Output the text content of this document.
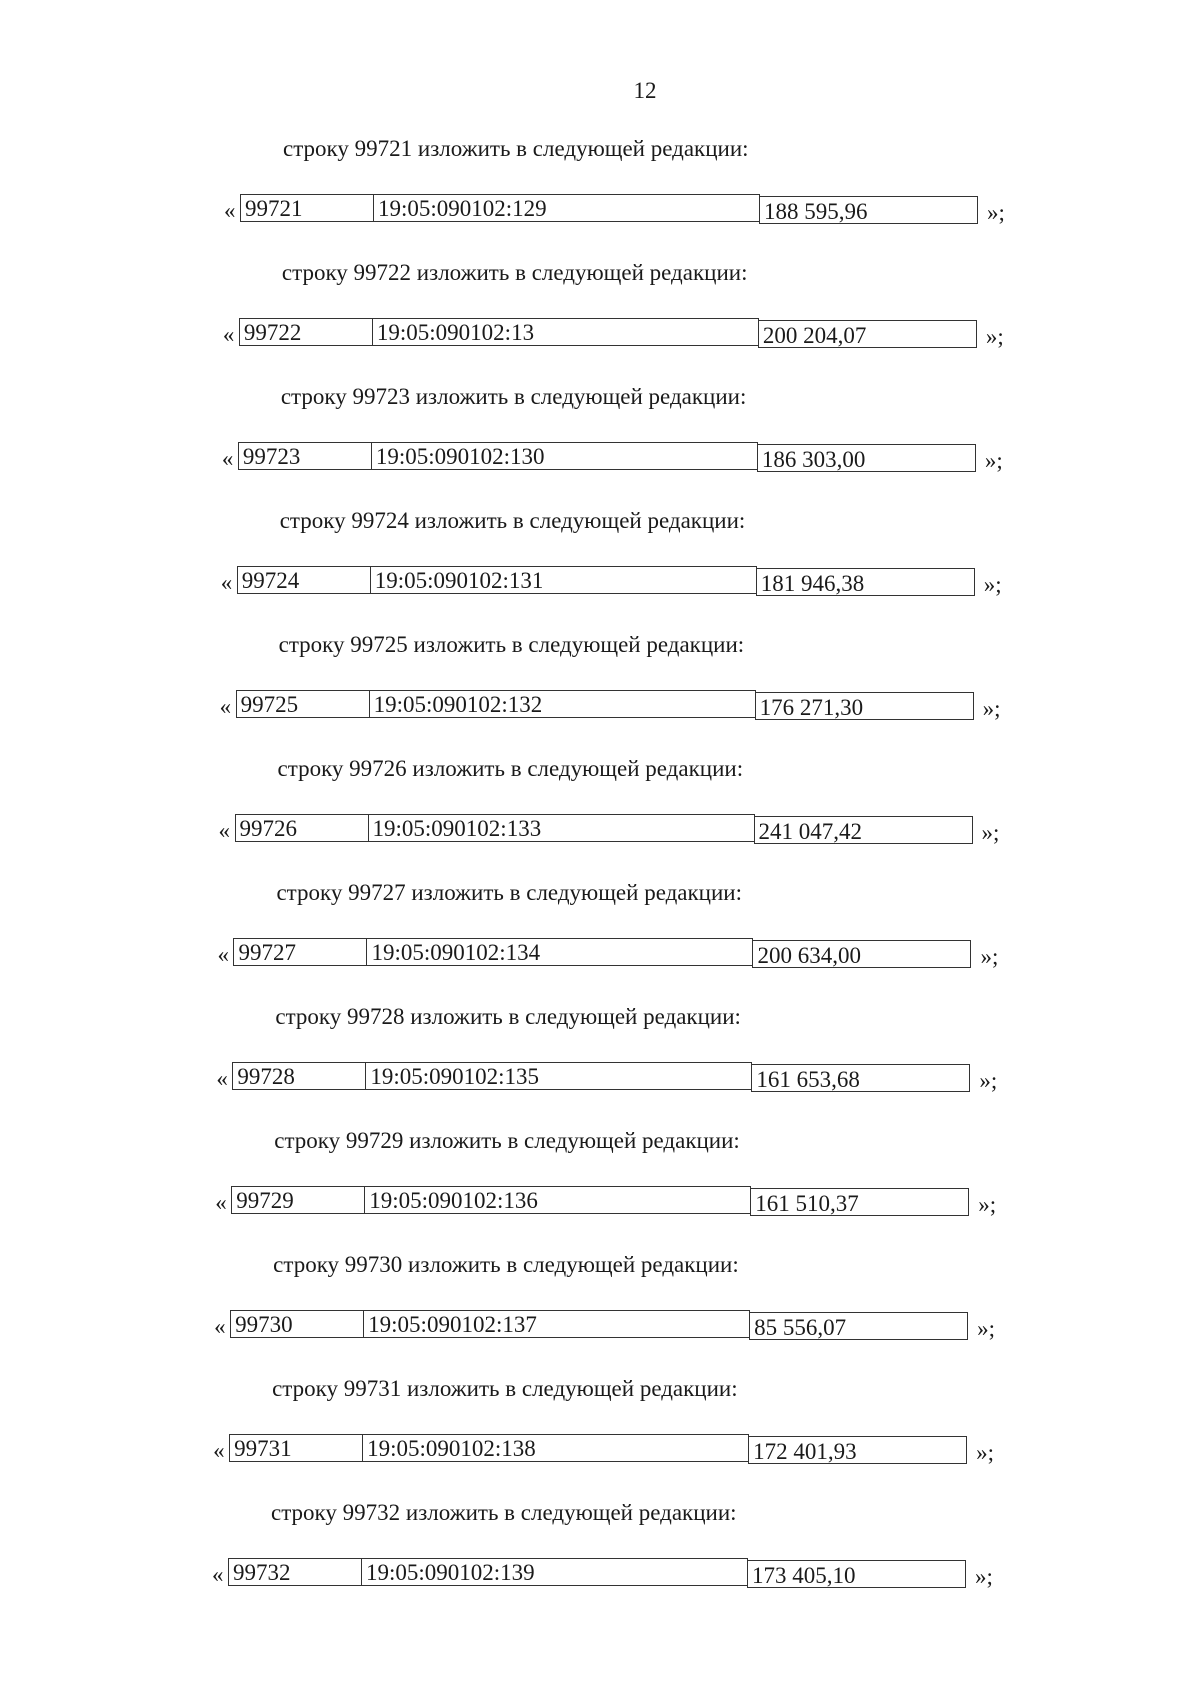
12
строку 99721 изложить в следующей редакции:
« 99721	19:05:090102:129	188 595,96	»;
строку 99722 изложить в следующей редакции:
« 99722	19:05:090102:13	200 204,07	»;
строку 99723 изложить в следующей редакции:
« 99723	19:05:090102:130	186 303,00	»;
строку 99724 изложить в следующей редакции:
« 99724	19:05:090102:131	181 946,38	»;
строку 99725 изложить в следующей редакции:
« 99725	19:05:090102:132	176 271,30	»;
строку 99726 изложить в следующей редакции:
« 99726	19:05:090102:133	241 047,42	»;
строку 99727 изложить в следующей редакции:
« 99727	19:05:090102:134	200 634,00	»;
строку 99728 изложить в следующей редакции:
« 99728	19:05:090102:135	161 653,68	»;
строку 99729 изложить в следующей редакции:
« 99729	19:05:090102:136	161 510,37	»;
строку 99730 изложить в следующей редакции:
« 99730	19:05:090102:137	85 556,07	»;
строку 99731 изложить в следующей редакции:
« 99731	19:05:090102:138	172 401,93	»;
строку 99732 изложить в следующей редакции:
« 99732	19:05:090102:139	173 405,10	»;
